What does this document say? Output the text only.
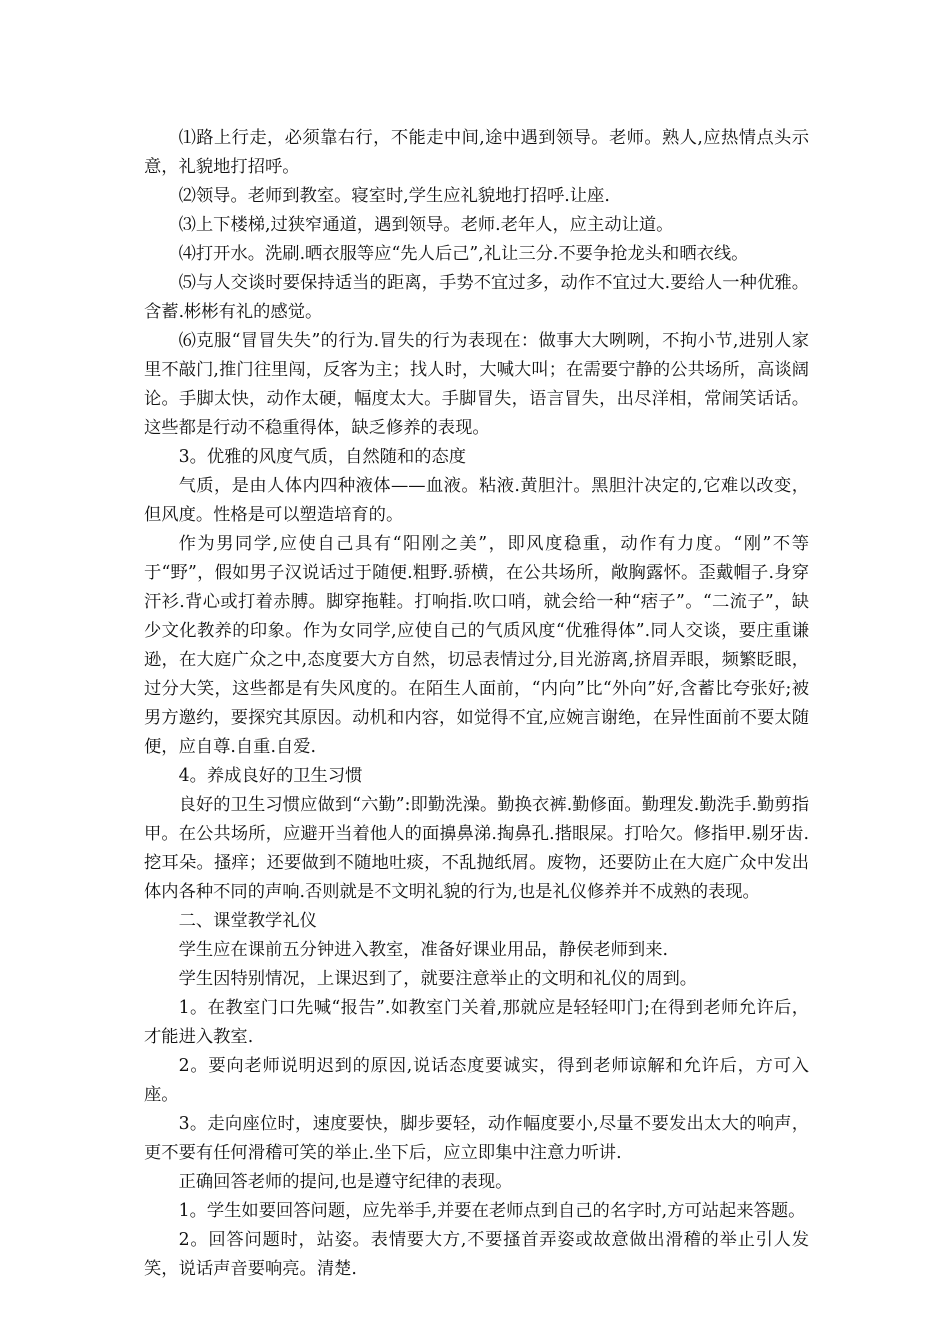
⑴路上行走，必须靠右行，不能走中间,途中遇到领导。老师。熟人,应热情点头示意，礼貌地打招呼。

⑵领导。老师到教室。寝室时,学生应礼貌地打招呼.让座.

⑶上下楼梯,过狭窄通道，遇到领导。老师.老年人，应主动让道。

⑷打开水。洗刷.晒衣服等应“先人后己”,礼让三分.不要争抢龙头和晒衣线。

⑸与人交谈时要保持适当的距离，手势不宜过多，动作不宜过大.要给人一种优雅。含蓄.彬彬有礼的感觉。

⑹克服“冒冒失失”的行为.冒失的行为表现在：做事大大咧咧，不拘小节,进别人家里不敲门,推门往里闯，反客为主；找人时，大喊大叫；在需要宁静的公共场所，高谈阔论。手脚太快，动作太硬，幅度太大。手脚冒失，语言冒失，出尽洋相，常闹笑话话。这些都是行动不稳重得体，缺乏修养的表现。

3。优雅的风度气质，自然随和的态度

气质，是由人体内四种液体——血液。粘液.黄胆汁。黑胆汁决定的,它难以改变，但风度。性格是可以塑造培育的。

作为男同学,应使自己具有“阳刚之美”，即风度稳重，动作有力度。“刚”不等于“野”，假如男子汉说话过于随便.粗野.骄横，在公共场所，敞胸露怀。歪戴帽子.身穿汗衫.背心或打着赤膊。脚穿拖鞋。打响指.吹口哨，就会给一种“痞子”。“二流子”，缺少文化教养的印象。作为女同学,应使自己的气质风度“优雅得体”.同人交谈，要庄重谦逊，在大庭广众之中,态度要大方自然，切忌表情过分,目光游离,挤眉弄眼，频繁眨眼，过分大笑，这些都是有失风度的。在陌生人面前，“内向”比“外向”好,含蓄比夸张好;被男方邀约，要探究其原因。动机和内容，如觉得不宜,应婉言谢绝，在异性面前不要太随便，应自尊.自重.自爱.

4。养成良好的卫生习惯

良好的卫生习惯应做到“六勤”:即勤洗澡。勤换衣裤.勤修面。勤理发.勤洗手.勤剪指甲。在公共场所，应避开当着他人的面擤鼻涕.掏鼻孔.揩眼屎。打哈欠。修指甲.剔牙齿.挖耳朵。搔痒；还要做到不随地吐痰，不乱抛纸屑。废物，还要防止在大庭广众中发出体内各种不同的声响.否则就是不文明礼貌的行为,也是礼仪修养并不成熟的表现。

二、课堂教学礼仪

学生应在课前五分钟进入教室，准备好课业用品，静侯老师到来.

学生因特别情况，上课迟到了，就要注意举止的文明和礼仪的周到。

1。在教室门口先喊“报告”.如教室门关着,那就应是轻轻叩门;在得到老师允许后，才能进入教室.

2。要向老师说明迟到的原因,说话态度要诚实，得到老师谅解和允许后，方可入座。

3。走向座位时，速度要快，脚步要轻，动作幅度要小,尽量不要发出太大的响声，更不要有任何滑稽可笑的举止.坐下后，应立即集中注意力听讲.

正确回答老师的提问,也是遵守纪律的表现。

1。学生如要回答问题，应先举手,并要在老师点到自己的名字时,方可站起来答题。

2。回答问题时，站姿。表情要大方,不要搔首弄姿或故意做出滑稽的举止引人发笑，说话声音要响亮。清楚.
